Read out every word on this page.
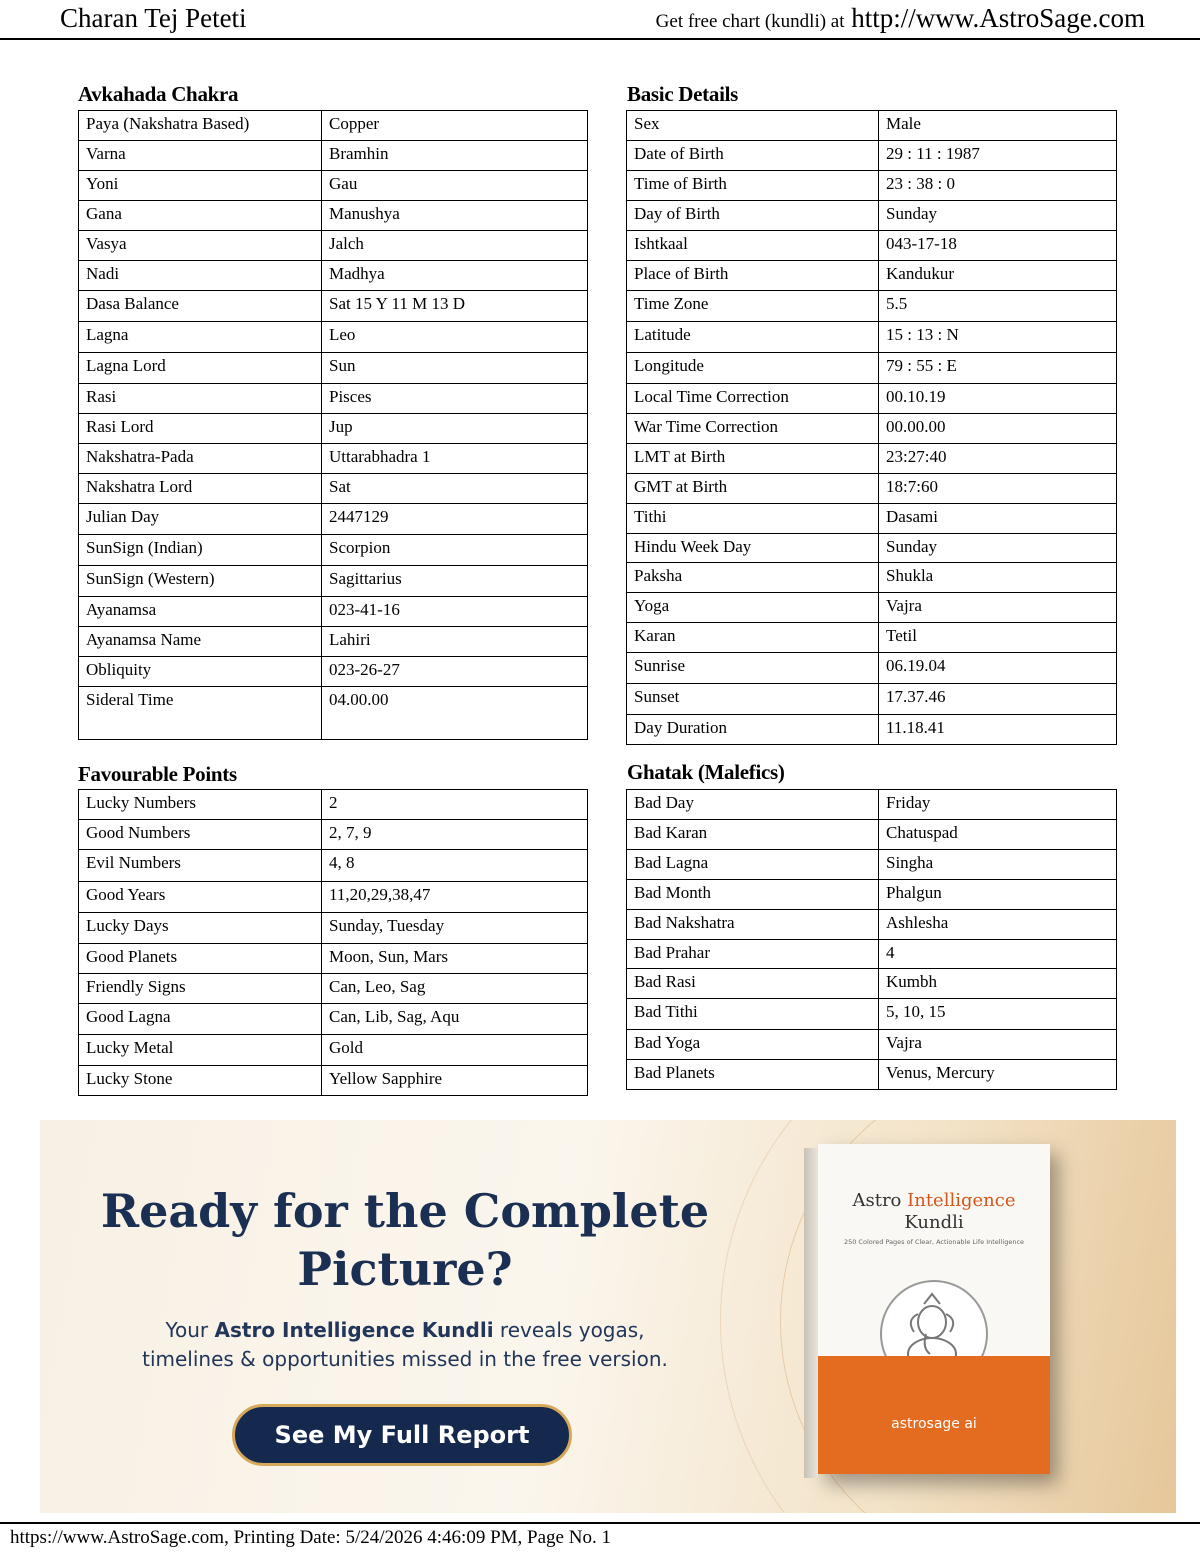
Charan Tej Peteti	Get free chart (kundli) at http://www.AstroSage.com
Avkahada Chakra
Paya (Nakshatra Based)	Copper
Varna	Bramhin
Yoni	Gau
Gana	Manushya
Vasya	Jalch
Nadi	Madhya
Dasa Balance	Sat 15 Y 11 M 13 D
Lagna	Leo
Lagna Lord	Sun
Rasi	Pisces
Rasi Lord	Jup
Nakshatra-Pada	Uttarabhadra 1
Nakshatra Lord	Sat
Julian Day	2447129
SunSign (Indian)	Scorpion
SunSign (Western)	Sagittarius
Ayanamsa	023-41-16
Ayanamsa Name	Lahiri
Obliquity	023-26-27
Sideral Time	04.00.00
Basic Details
Sex	Male
Date of Birth	29 : 11 : 1987
Time of Birth	23 : 38 : 0
Day of Birth	Sunday
Ishtkaal	043-17-18
Place of Birth	Kandukur
Time Zone	5.5
Latitude	15 : 13 : N
Longitude	79 : 55 : E
Local Time Correction	00.10.19
War Time Correction	00.00.00
LMT at Birth	23:27:40
GMT at Birth	18:7:60
Tithi	Dasami
Hindu Week Day	Sunday
Paksha	Shukla
Yoga	Vajra
Karan	Tetil
Sunrise	06.19.04
Sunset	17.37.46
Day Duration	11.18.41
Favourable Points
Lucky Numbers	2
Good Numbers	2, 7, 9
Evil Numbers	4, 8
Good Years	11,20,29,38,47
Lucky Days	Sunday, Tuesday
Good Planets	Moon, Sun, Mars
Friendly Signs	Can, Leo, Sag
Good Lagna	Can, Lib, Sag, Aqu
Lucky Metal	Gold
Lucky Stone	Yellow Sapphire
Ghatak (Malefics)
Bad Day	Friday
Bad Karan	Chatuspad
Bad Lagna	Singha
Bad Month	Phalgun
Bad Nakshatra	Ashlesha
Bad Prahar	4
Bad Rasi	Kumbh
Bad Tithi	5, 10, 15
Bad Yoga	Vajra
Bad Planets	Venus, Mercury
Ready for the Complete
Picture?
Your Astro Intelligence Kundli reveals yogas,
timelines & opportunities missed in the free version.
See My Full Report
Astro Intelligence
Kundli
250 Colored Pages of Clear, Actionable Life Intelligence
astrosage ai
https://www.AstroSage.com, Printing Date: 5/24/2026 4:46:09 PM, Page No. 1
